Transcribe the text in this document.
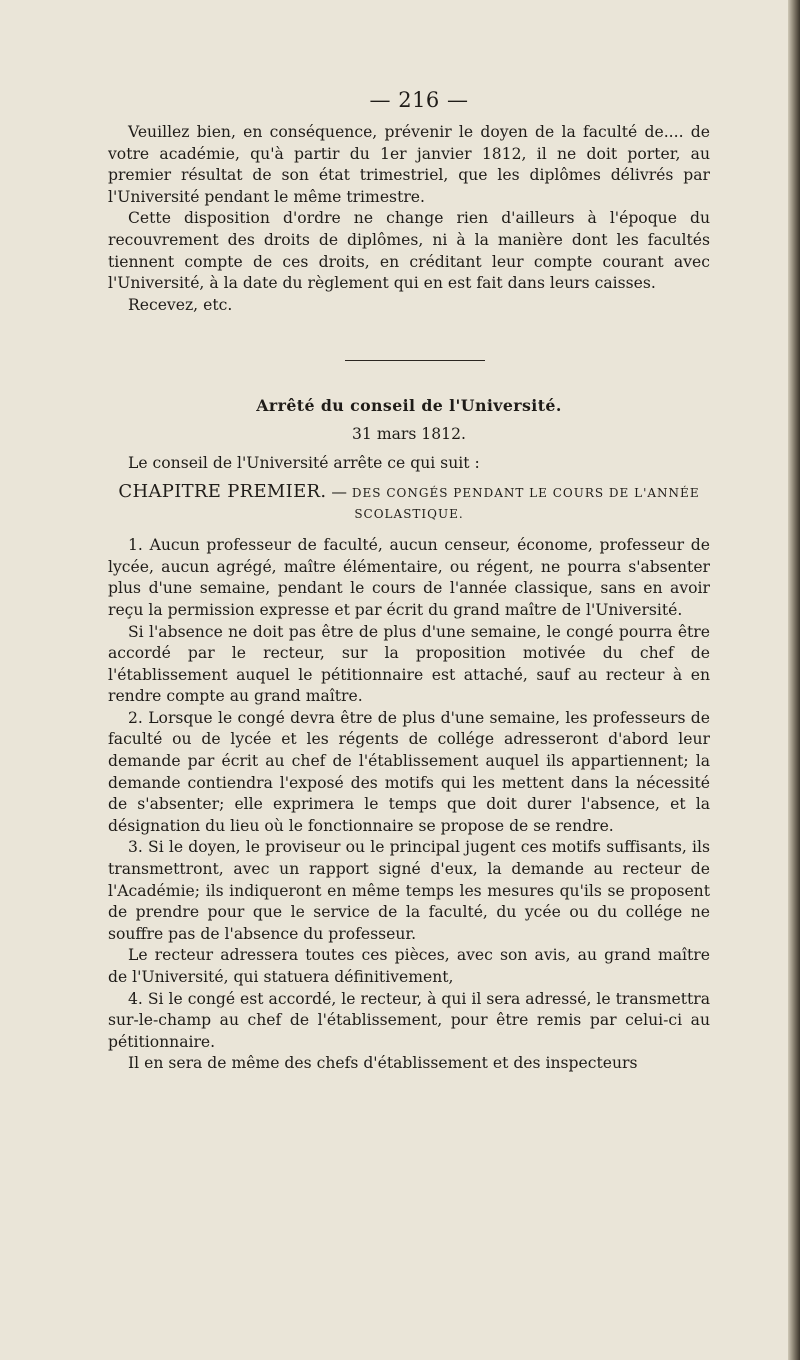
— 216 —

Veuillez bien, en conséquence, prévenir le doyen de la faculté de.... de votre académie, qu'à partir du 1er janvier 1812, il ne doit porter, au premier résultat de son état trimestriel, que les diplômes délivrés par l'Université pendant le même trimestre.

Cette disposition d'ordre ne change rien d'ailleurs à l'époque du recouvrement des droits de diplômes, ni à la manière dont les facultés tiennent compte de ces droits, en créditant leur compte courant avec l'Université, à la date du règlement qui en est fait dans leurs caisses.

Recevez, etc.

Arrêté du conseil de l'Université.

31 mars 1812.

Le conseil de l'Université arrête ce qui suit :

CHAPITRE PREMIER. — DES CONGÉS PENDANT LE COURS DE L'ANNÉE SCOLASTIQUE.

1. Aucun professeur de faculté, aucun censeur, économe, professeur de lycée, aucun agrégé, maître élémentaire, ou régent, ne pourra s'absenter plus d'une semaine, pendant le cours de l'année classique, sans en avoir reçu la permission expresse et par écrit du grand maître de l'Université.

Si l'absence ne doit pas être de plus d'une semaine, le congé pourra être accordé par le recteur, sur la proposition motivée du chef de l'établissement auquel le pétitionnaire est attaché, sauf au recteur à en rendre compte au grand maître.

2. Lorsque le congé devra être de plus d'une semaine, les professeurs de faculté ou de lycée et les régents de collége adresseront d'abord leur demande par écrit au chef de l'établissement auquel ils appartiennent; la demande contiendra l'exposé des motifs qui les mettent dans la nécessité de s'absenter; elle exprimera le temps que doit durer l'absence, et la désignation du lieu où le fonctionnaire se propose de se rendre.

3. Si le doyen, le proviseur ou le principal jugent ces motifs suffisants, ils transmettront, avec un rapport signé d'eux, la demande au recteur de l'Académie; ils indiqueront en même temps les mesures qu'ils se proposent de prendre pour que le service de la faculté, du ycée ou du collége ne souffre pas de l'absence du professeur.

Le recteur adressera toutes ces pièces, avec son avis, au grand maître de l'Université, qui statuera définitivement,

4. Si le congé est accordé, le recteur, à qui il sera adressé, le transmettra sur-le-champ au chef de l'établissement, pour être remis par celui-ci au pétitionnaire.

Il en sera de même des chefs d'établissement et des inspecteurs
